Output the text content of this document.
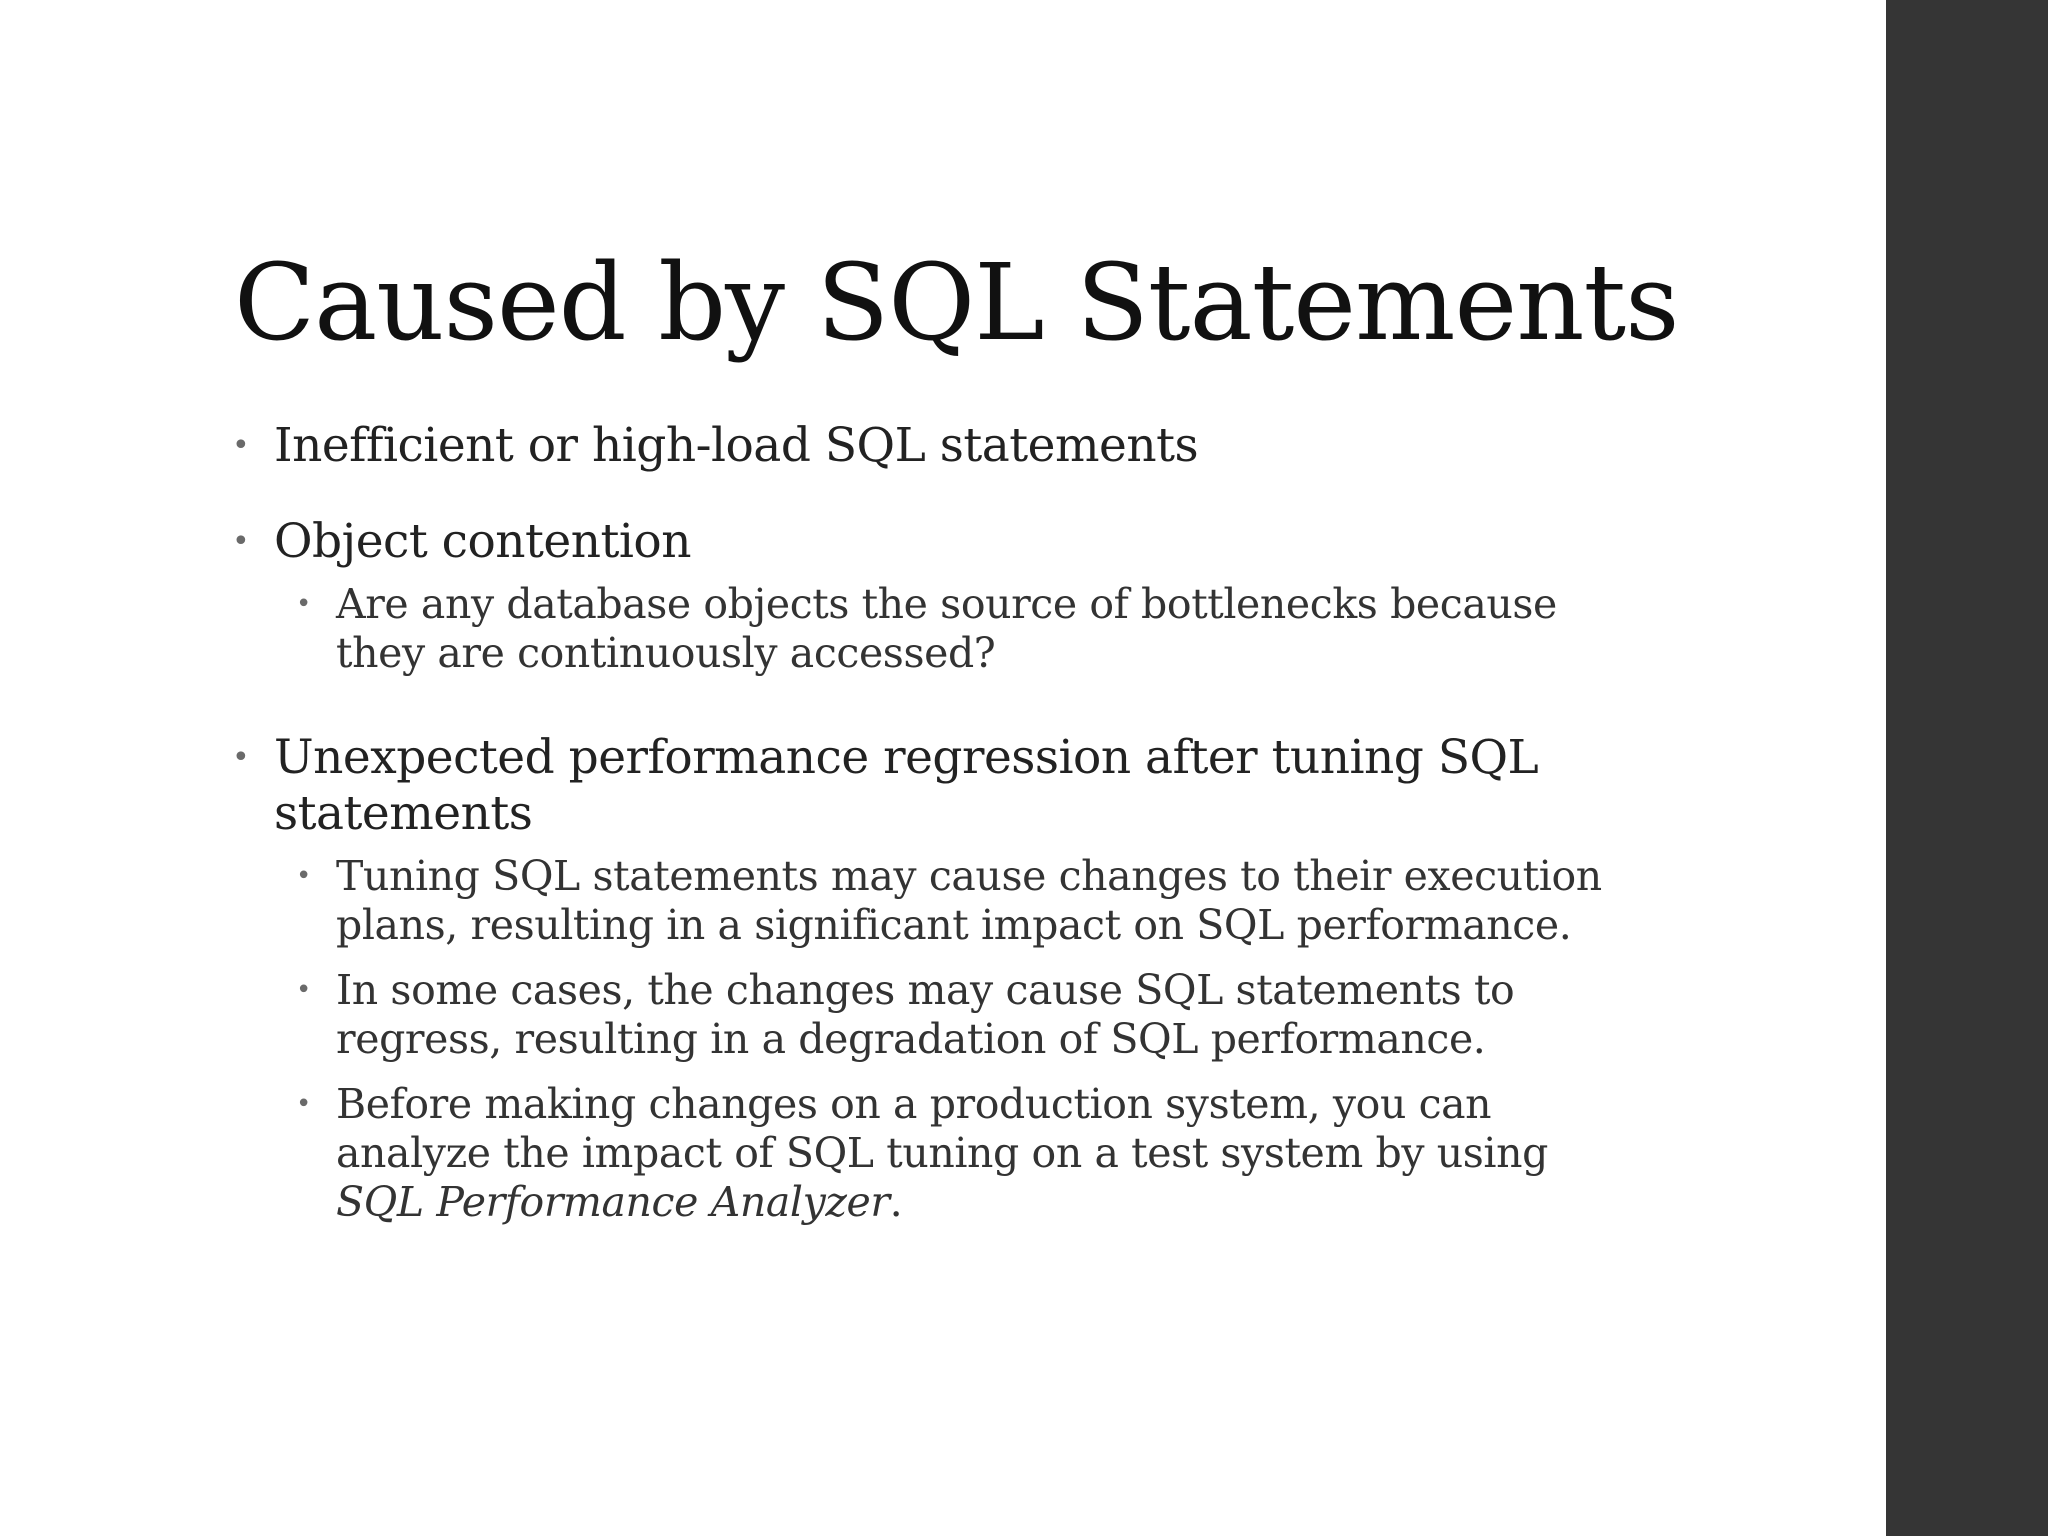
Caused by SQL Statements
• Inefficient or high-load SQL statements
• Object contention
• Are any database objects the source of bottlenecks because they are continuously accessed?
• Unexpected performance regression after tuning SQL statements
• Tuning SQL statements may cause changes to their execution plans, resulting in a significant impact on SQL performance.
• In some cases, the changes may cause SQL statements to regress, resulting in a degradation of SQL performance.
• Before making changes on a production system, you can analyze the impact of SQL tuning on a test system by using SQL Performance Analyzer.
